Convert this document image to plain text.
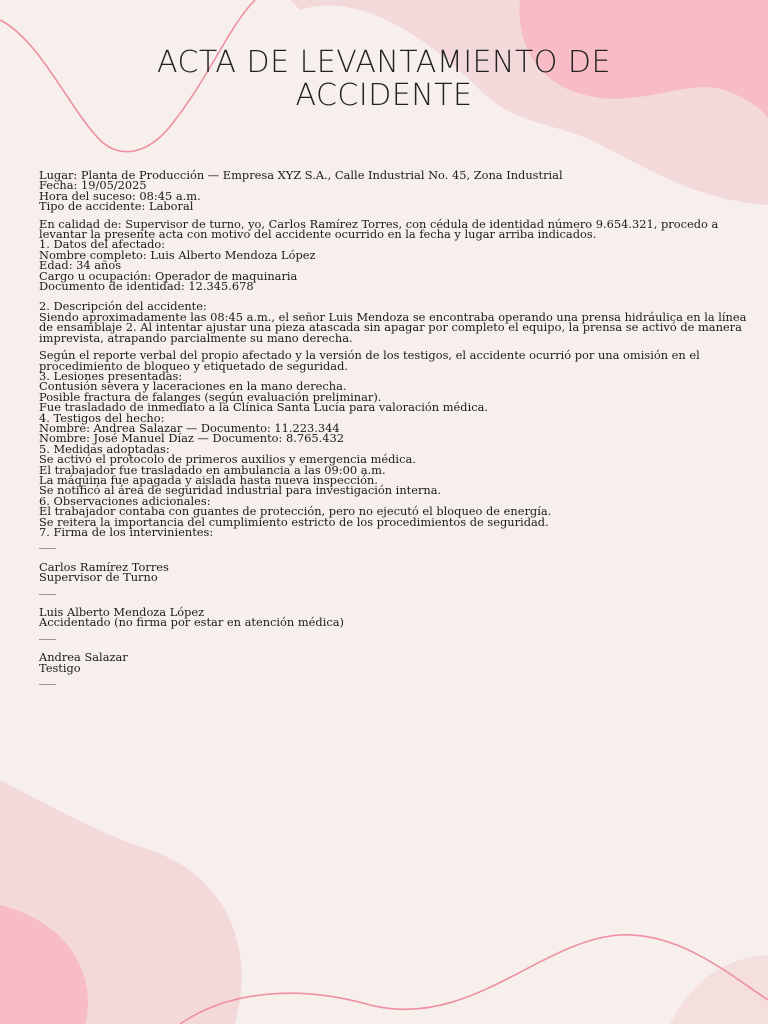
ACTA DE LEVANTAMIENTO DE ACCIDENTE

Lugar: Planta de Producción — Empresa XYZ S.A., Calle Industrial No. 45, Zona Industrial

Fecha: 19/05/2025

Hora del suceso: 08:45 a.m.

Tipo de accidente: Laboral

En calidad de: Supervisor de turno, yo, Carlos Ramírez Torres, con cédula de identidad número 9.654.321, procedo a levantar la presente acta con motivo del accidente ocurrido en la fecha y lugar arriba indicados.

1. Datos del afectado:

Nombre completo: Luis Alberto Mendoza López

Edad: 34 años

Cargo u ocupación: Operador de maquinaria

Documento de identidad: 12.345.678

2. Descripción del accidente:

Siendo aproximadamente las 08:45 a.m., el señor Luis Mendoza se encontraba operando una prensa hidráulica en la línea de ensamblaje 2. Al intentar ajustar una pieza atascada sin apagar por completo el equipo, la prensa se activó de manera imprevista, atrapando parcialmente su mano derecha.

Según el reporte verbal del propio afectado y la versión de los testigos, el accidente ocurrió por una omisión en el procedimiento de bloqueo y etiquetado de seguridad.

3. Lesiones presentadas:

Contusión severa y laceraciones en la mano derecha.

Posible fractura de falanges (según evaluación preliminar).

Fue trasladado de inmediato a la Clínica Santa Lucía para valoración médica.

4. Testigos del hecho:

Nombre: Andrea Salazar — Documento: 11.223.344

Nombre: José Manuel Díaz — Documento: 8.765.432

5. Medidas adoptadas:

Se activó el protocolo de primeros auxilios y emergencia médica.

El trabajador fue trasladado en ambulancia a las 09:00 a.m.

La máquina fue apagada y aislada hasta nueva inspección.

Se notificó al área de seguridad industrial para investigación interna.

6. Observaciones adicionales:

El trabajador contaba con guantes de protección, pero no ejecutó el bloqueo de energía.

Se reitera la importancia del cumplimiento estricto de los procedimientos de seguridad.

7. Firma de los intervinientes:

___

Carlos Ramírez Torres

Supervisor de Turno

___

Luis Alberto Mendoza López

Accidentado (no firma por estar en atención médica)

___

Andrea Salazar

Testigo

___
